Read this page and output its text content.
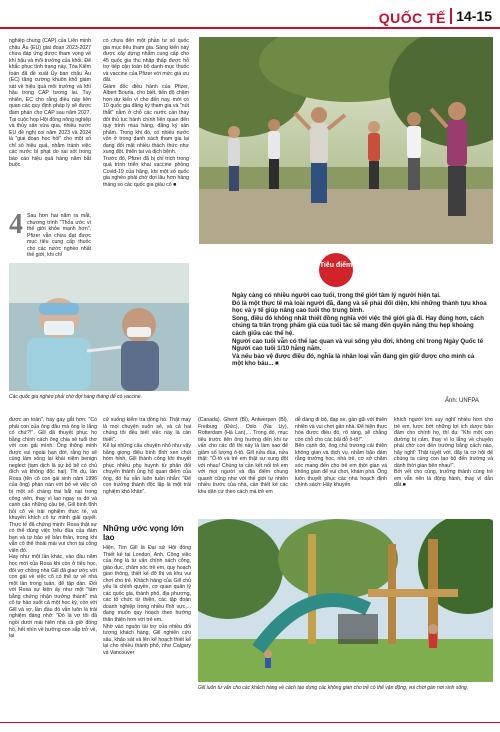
QUỐC TẾ 14-15
nghiệp chung (CAP) của Liên minh châu Âu (EU) giai đoạn 2023-2027 chưa đáp ứng được tham vọng về khí hậu và môi trường của khối. Để khắc phục tình trạng này, Tòa Kiểm toán đã đề xuất Ủy ban châu Âu (EC) tăng cường khuôn khổ giám sát về hiệu quả môi trường và khí hậu trong CAP tương lai. Tuy nhiên, EC cho rằng điều này liên quan các quy định pháp lý sẽ được đàm phán cho CAP sau năm 2027. Tại cuộc họp Hội đồng nông nghiệp và thủy sản vừa qua, nhiều nước EU đề nghị coi năm 2023 và 2024 là "giai đoạn học hỏi" cho một số chỉ số hiệu quả, nhằm tránh việc các nước bị phạt do sai sót trong báo cáo hiệu quả hàng năm bắt buộc.
4 Sau hơn hai năm ra mắt, chương trình "Thỏa ước vì thế giới khỏe mạnh hơn", Pfizer vẫn chưa đạt được mục tiêu cung cấp thuốc cho các nước nghèo nhất thế giới, khi chỉ
có chưa đến một phần tư số quốc gia mục tiêu tham gia. Sáng kiến này được xây dựng nhằm cung cấp cho 45 quốc gia thu nhập thấp được hỗ trợ tiếp cận toàn bộ danh mục thuốc và vaccine của Pfizer với mức giá ưu đãi.
Giám đốc điều hành của Pfizer, Albert Bourla, cho biết, tiến độ chậm hơn dự kiến vì cho đến nay, mới có 10 quốc gia đăng ký tham gia và "nút thắt" nằm ở chỗ các nước cần thay đổi thủ tục hành chính liên quan đến quy trình mua hàng, đăng ký sản phẩm. Trong khi đó, có nhiều nước vốn ở trong danh sách tham gia lại đang đối mặt nhiều thách thức như xung đột, thiên tai và dịch bệnh.
Trước đó, Pfizer đã bị chỉ trích trong quá trình triển khai vaccine phòng Covid-19 của hãng, khi một số quốc gia nghèo phải chờ đợi lâu hơn hàng tháng so các quốc gia giàu có ■
Các quốc gia nghèo phải chờ đợi hàng tháng để có vaccine.
Tiêu điểm
Ngày càng có nhiều người cao tuổi, trong thế giới tâm lý người hiện tại.
Đó là một thực tế mà loài người đã, đang và sẽ phải đối diện, khi những thành tựu khoa học và y tế giúp nâng cao tuổi thọ trung bình.
Song, điều đó không nhất thiết đồng nghĩa với việc thế giới già đi. Hay đúng hơn, cách chúng ta trân trọng phẩm giá của tuổi tác sẽ mang đến quyền năng thu hẹp khoảng cách giữa các thế hệ.
Người cao tuổi vẫn có thể lạc quan và vui sống yêu đời, không chỉ trong Ngày Quốc tế Người cao tuổi 1/10 hằng năm.
Và nếu bảo vệ được điều đó, nghĩa là nhân loại vẫn đang gìn giữ được cho mình cả một kho báu... ■
Ảnh: UNFPA
được an toàn", hay gay gắt hơn: "Có phải con của ông đâu mà ông lo lắng có chứ?!". Gill đã thuyết phục họ bằng chính cách ông chia sẻ tuổi thơ với con gái mình. Ông thông minh được vui ngoài hạn đời, rằng họ sẽ cùng làm sống lại khái niệm benign neglect (tạm dịch là sự bỏ bê có chủ đích và không độc hại). Thi dụ, lần Rosa (tên cô con gái sinh năm 1996 của ông) phàn nàn với bố về việc cô bị một số chàng trai bắt nạt trong công viên, thay vì lao ngay ra đó và canh cảo những cậu bé, Gill bình tĩnh hỏi cô về trải nghiệm thực tế, và khuyến khích cô tự mình giải quyết. Thực tế đã chứng minh: Rosa thật sự có thể dùng việc trêu đùa của đám bạn và tự bảo vệ bản thân, trong khi vẫn có thể thoải mái vui chơi tại công viên đó.
Hay như một lần khác, vào đầu năm học mới của Rosa khi còn ở tiểu học, đôi vợ chồng nhà Gill đã giao ước với con gái về việc cô có thể tự về nhà một lần trong tuần, để tập dần. Đối với Rosa sự kiện ấy như một "tấm bằng chứng nhận trưởng thành" mà cô tự hào suốt cả một học kỳ, còn với Gill và vợ, lần đầu đó vẫn luôn là trải nghiệm đáng nhớ: "Đó là vợ tôi đã ngồi dưới mái hiên nhà cả giờ đồng hồ, hết nhìn về hướng con sắp trở về, lại
cứ xuống kiểm tra đồng hồ. Thật may là mọi chuyện suôn sẻ, và cả hai chúng tôi đều biết việc này là cần thiết".
Kể lại những câu chuyện nhỏ như vậy bằng giọng điệu bình tĩnh xen chút hóm hỉnh, Gill thành công khi thuyết phục nhiều phụ huynh từ phản đối chuyển thành ủng hộ quan điểm của ông, đó hu vẫn luôn tuân nhắn: "Để con trưởng thành độc lập là một trải nghiệm khó khăn".
Những ước vọng lớn lao
Hiện, Tim Gill là Đại sứ Hội đồng Thiết kế tại London, Anh. Công việc của ông là tư vấn chính sách công, giáo dục, chăm sóc trẻ em, quy hoạch giao thông, thiết kế đô thị và khu vui chơi cho trẻ. Khách hàng của Gill chủ yếu là chính quyền, cơ quan quản lý các quốc gia, thành phố, địa phương, các tổ chức từ thiện, các tập đoàn doanh nghiệp trong nhiều lĩnh vực,... đang muốn quy hoạch theo hướng thân thiện hơn với trẻ em.
Nhờ vào nguồn tài trợ của nhiều đối tượng khách hàng, Gill nghiên cứu sâu, khảo sát và lên kế hoạch thiết kế lại cho nhiều thành phố, như Calgary và Vancouver
(Canada), Ghent (Bỉ), Antwerpen (Bỉ), Freiburg (Đức), Oslo (Na Uy), Rotterdam (Hà Lan),... Trong đó, mục tiêu trước tiên ông hướng đến khi tư vấn cho các đô thị này là làm sao để giảm số lượng ô-tô. Gill nửa đùa, nửa thật: "Ô-tô và trẻ em thật sự xung đột với nhau! Chúng ta cần kết nối trẻ em với mọi người và địa điểm chung quanh cũng như với thế giới tự nhiên nhiều trước của nhà, cần thiết kế các khu dân cư theo cách mà trẻ em
dễ dàng đi bộ, đạp xe, gần gũi với thiên nhiên và vui chơi gần nhà. Để hiện thực hóa được điều đó, rõ ràng, sẽ chẳng còn chỗ cho các bãi đỗ ô-tô!".
Bên cạnh đó, ông chủ trương cải thiện không gian và dịch vụ, nhằm bảo đảm rằng trường học, nhà trẻ, cơ sở chăm sóc mang đến cho trẻ em thời gian và không gian để vui chơi, khám phá. Ông luôn thuyết phục các nhà hoạch định chính sách: Hãy khuyến
khích người lớn suy nghĩ nhiều hơn cho trẻ em, lược bớt những lợi ích dược bảo đảm cho chính họ, thí dụ: "Khi một con đường bị cấm, thay vì lo lắng về chuyện phải chờ con đến trường bằng cách nào, hãy nghĩ: Thật tuyệt vời, đây là cơ hội để chúng ta cùng con tạo bộ đến trường và dành thời gian bên nhau!".
Bởi vết cho cùng, trưởng thành cùng trẻ em vẫn nên là động hành, thay vì dẫn dắt.■
Gill luôn tư vấn cho các khách hàng về cách tạo dựng các không gian cho trẻ có thể vận động, vui chơi gần nơi sinh sống.
